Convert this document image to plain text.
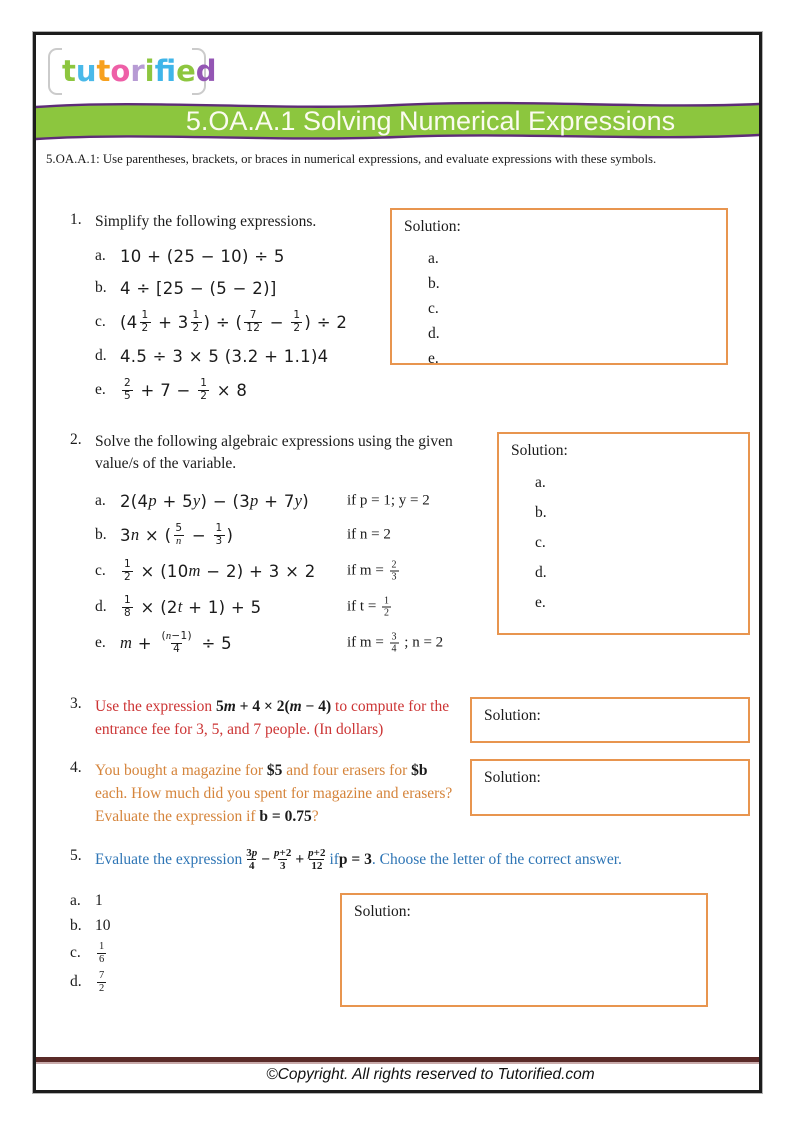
tutorifed
5.OA.A.1 Solving Numerical Expressions
5.OA.A.1: Use parentheses, brackets, or braces in numerical expressions, and evaluate expressions with these symbols.
1. Simplify the following expressions.
a. 10 + (25 − 10) ÷ 5
b. 4 ÷ [25 − (5 − 2)]
c. ($4 \frac{1}{2} + 3 \frac{1}{2}$ ) ÷ ( $\frac{7}{12} - \frac{1}{2}$ ) ÷ 2
d. 4.5 ÷ 3 × 5 (3.2 + 1.1)4
e.	$\frac{2}{5} + 7 - \frac{1}{2} \times 8$
Solution:
a.
b.
c.
d.
e.
2. Solve the following algebraic expressions using the given
value/s of the variable.
a. 2(4 p + 5 y ) − (3 p + 7 y )	if p = 1; y = 2
b. 3 n × ( $\frac{5}{n} - \frac{1}{3}$ )	if n = 2
c.	$\frac{1}{2} \times (10$ m − 2) + 3 × 2 if $m = \frac{2}{3}$
d.	$\frac{1}{8} \times (2$ t + 1) + 5	if $t = \frac{1}{2}$
e. $m + \frac{(n-1)}{4} \div 5$	if $m = \frac{3}{4}$ ; n = 2
Solution:
a.
b.
c.
d.
e.
3. Use the expression 5m + 4 × 2(m − 4) to compute for the entrance fee for 3, 5, and 7 people. (In dollars)
Solution:
4. You bought a magazine for $5 and four erasers for $b each. How much did you spent for magazine and erasers? Evaluate the expression if b = 0.75?
Solution:
5. Evaluate the expression $\frac{3p}{4} - \frac{p+2}{3} + \frac{p+2}{12}$ if p = 3 . Choose the letter of the correct answer.
a. 1
b. 10
c.	$\frac{1}{6}$
d.	$\frac{7}{2}$
Solution:
©Copyright. All rights reserved to Tutorified.com
